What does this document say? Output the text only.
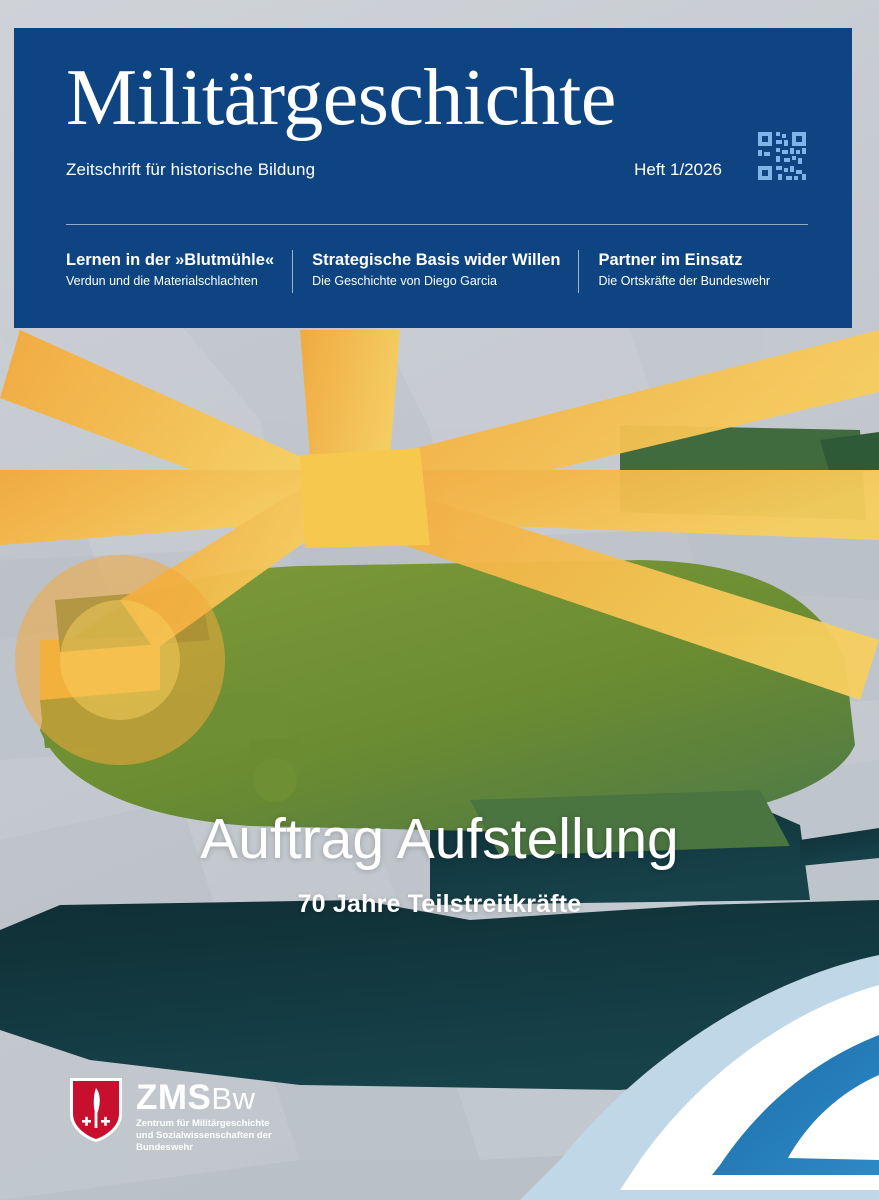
Militärgeschichte
Zeitschrift für historische Bildung	Heft 1/2026
Lernen in der »Blutmühle«
Verdun und die Materialschlachten
Strategische Basis wider Willen
Die Geschichte von Diego Garcia
Partner im Einsatz
Die Ortskräfte der Bundeswehr
Auftrag Aufstellung
70 Jahre Teilstreitkräfte
ZMSBw
Zentrum für Militärgeschichte
und Sozialwissenschaften der
Bundeswehr
